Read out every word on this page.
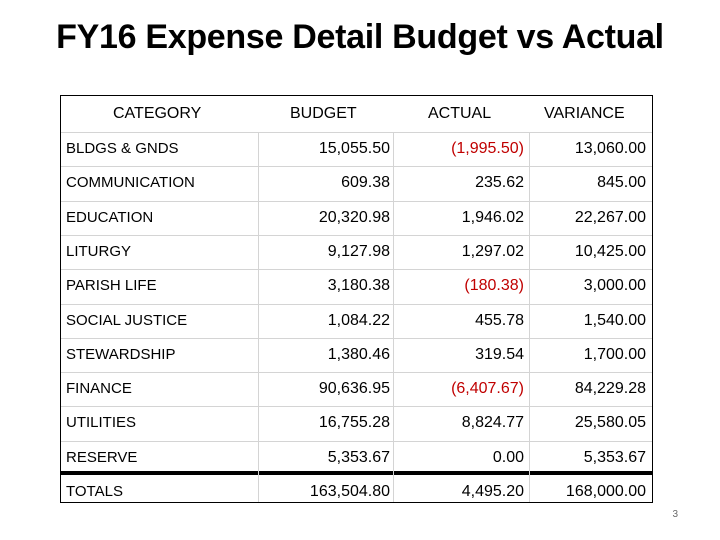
FY16 Expense Detail Budget vs Actual
CATEGORY	BUDGET	ACTUAL	VARIANCE
BLDGS & GNDS	15,055.50	(1,995.50)	13,060.00
COMMUNICATION	609.38	235.62	845.00
EDUCATION	20,320.98	1,946.02	22,267.00
LITURGY	9,127.98	1,297.02	10,425.00
PARISH LIFE	3,180.38	(180.38)	3,000.00
SOCIAL JUSTICE	1,084.22	455.78	1,540.00
STEWARDSHIP	1,380.46	319.54	1,700.00
FINANCE	90,636.95	(6,407.67)	84,229.28
UTILITIES	16,755.28	8,824.77	25,580.05
RESERVE	5,353.67	0.00	5,353.67
TOTALS	163,504.80	4,495.20	168,000.00
3
